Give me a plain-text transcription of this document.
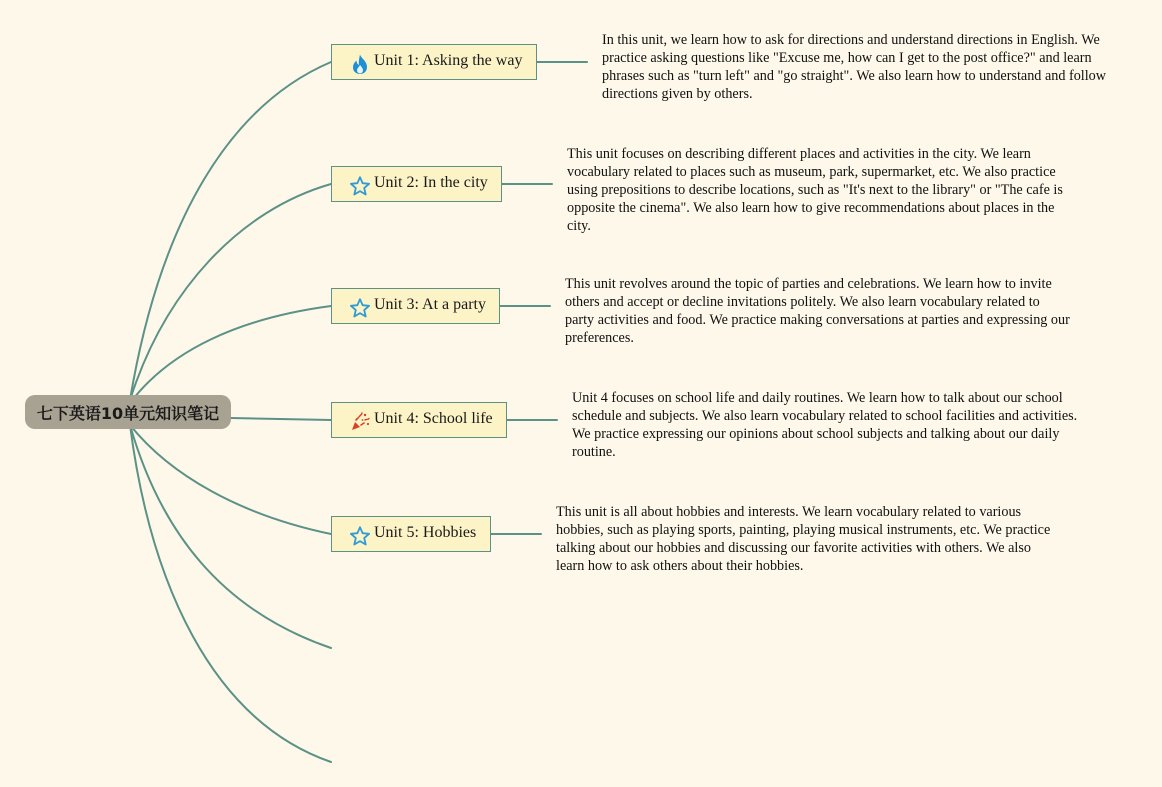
七下英语10单元知识笔记
Unit 1: Asking the way
Unit 2: In the city
Unit 3: At a party
Unit 4: School life
Unit 5: Hobbies
In this unit, we learn how to ask for directions and understand directions in English. We practice asking questions like "Excuse me, how can I get to the post office?" and learn phrases such as "turn left" and "go straight". We also learn how to understand and follow directions given by others.
This unit focuses on describing different places and activities in the city. We learn vocabulary related to places such as museum, park, supermarket, etc. We also practice using prepositions to describe locations, such as "It's next to the library" or "The cafe is opposite the cinema". We also learn how to give recommendations about places in the city.
This unit revolves around the topic of parties and celebrations. We learn how to invite others and accept or decline invitations politely. We also learn vocabulary related to party activities and food. We practice making conversations at parties and expressing our preferences.
Unit 4 focuses on school life and daily routines. We learn how to talk about our school schedule and subjects. We also learn vocabulary related to school facilities and activities. We practice expressing our opinions about school subjects and talking about our daily routine.
This unit is all about hobbies and interests. We learn vocabulary related to various hobbies, such as playing sports, painting, playing musical instruments, etc. We practice talking about our hobbies and discussing our favorite activities with others. We also learn how to ask others about their hobbies.
